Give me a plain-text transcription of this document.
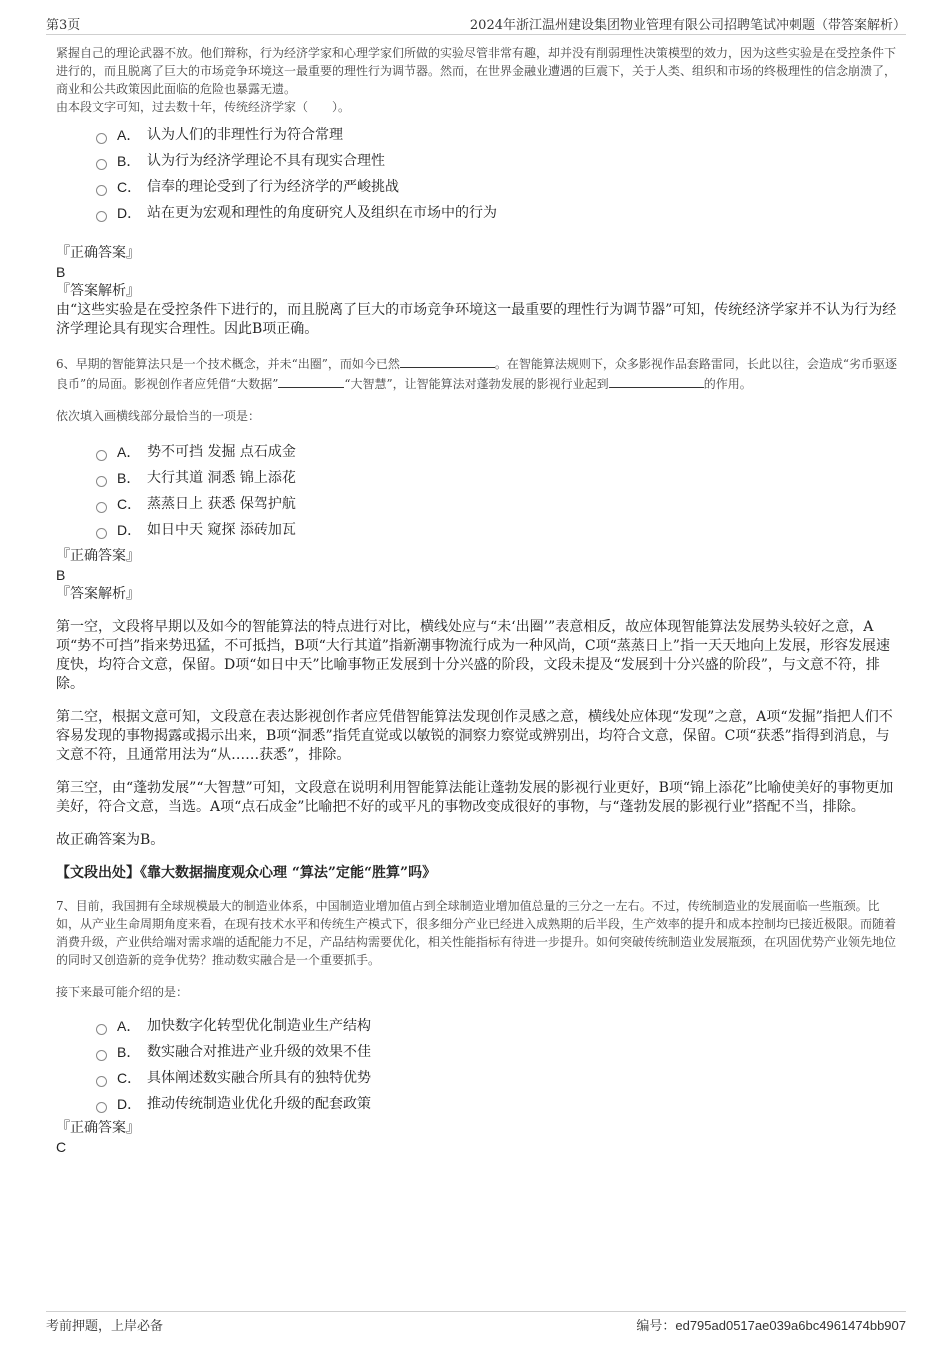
第3页	2024年浙江温州建设集团物业管理有限公司招聘笔试冲刺题（带答案解析）
紧握自己的理论武器不放。他们辩称，行为经济学家和心理学家们所做的实验尽管非常有趣，却并没有削弱理性决策模型的效力，因为这些实验是在受控条件下进行的，而且脱离了巨大的市场竞争环境这一最重要的理性行为调节器。然而，在世界金融业遭遇的巨震下，关于人类、组织和市场的终极理性的信念崩溃了，商业和公共政策因此面临的危险也暴露无遗。
由本段文字可知，过去数十年，传统经济学家（　　）。
A． 认为人们的非理性行为符合常理
B． 认为行为经济学理论不具有现实合理性
C． 信奉的理论受到了行为经济学的严峻挑战
D． 站在更为宏观和理性的角度研究人及组织在市场中的行为
『正确答案』
B
『答案解析』
由“这些实验是在受控条件下进行的，而且脱离了巨大的市场竞争环境这一最重要的理性行为调节器”可知，传统经济学家并不认为行为经济学理论具有现实合理性。因此B项正确。
6、早期的智能算法只是一个技术概念，并未“出圈”，而如今已然	。在智能算法规则下，众多影视作品套路雷同，长此以往，会造成“劣币驱逐良币”的局面。影视创作者应凭借“大数据”	“大智慧”，让智能算法对蓬勃发展的影视行业起到	的作用。
依次填入画横线部分最恰当的一项是：
A． 势不可挡 发掘 点石成金
B． 大行其道 洞悉 锦上添花
C． 蒸蒸日上 获悉 保驾护航
D． 如日中天 窥探 添砖加瓦
『正确答案』
B
『答案解析』
第一空，文段将早期以及如今的智能算法的特点进行对比，横线处应与“未‘出圈’”表意相反，故应体现智能算法发展势头较好之意，A项“势不可挡”指来势迅猛，不可抵挡，B项“大行其道”指新潮事物流行成为一种风尚，C项“蒸蒸日上”指一天天地向上发展，形容发展速度快，均符合文意，保留。D项“如日中天”比喻事物正发展到十分兴盛的阶段，文段未提及“发展到十分兴盛的阶段”，与文意不符，排除。
第二空，根据文意可知，文段意在表达影视创作者应凭借智能算法发现创作灵感之意，横线处应体现“发现”之意，A项“发掘”指把人们不容易发现的事物揭露或揭示出来，B项“洞悉”指凭直觉或以敏锐的洞察力察觉或辨别出，均符合文意，保留。C项“获悉”指得到消息，与文意不符，且通常用法为“从……获悉”，排除。
第三空，由“蓬勃发展”“大智慧”可知，文段意在说明利用智能算法能让蓬勃发展的影视行业更好，B项“锦上添花”比喻使美好的事物更加美好，符合文意，当选。A项“点石成金”比喻把不好的或平凡的事物改变成很好的事物，与“蓬勃发展的影视行业”搭配不当，排除。
故正确答案为B。
【文段出处】《靠大数据揣度观众心理 “算法”定能“胜算”吗》
7、目前，我国拥有全球规模最大的制造业体系，中国制造业增加值占到全球制造业增加值总量的三分之一左右。不过，传统制造业的发展面临一些瓶颈。比如，从产业生命周期角度来看，在现有技术水平和传统生产模式下，很多细分产业已经进入成熟期的后半段，生产效率的提升和成本控制均已接近极限。而随着消费升级，产业供给端对需求端的适配能力不足，产品结构需要优化，相关性能指标有待进一步提升。如何突破传统制造业发展瓶颈，在巩固优势产业领先地位的同时又创造新的竞争优势？推动数实融合是一个重要抓手。
接下来最可能介绍的是：
A． 加快数字化转型优化制造业生产结构
B． 数实融合对推进产业升级的效果不佳
C． 具体阐述数实融合所具有的独特优势
D． 推动传统制造业优化升级的配套政策
『正确答案』
C
考前押题，上岸必备	编号：ed795ad0517ae039a6bc4961474bb907
